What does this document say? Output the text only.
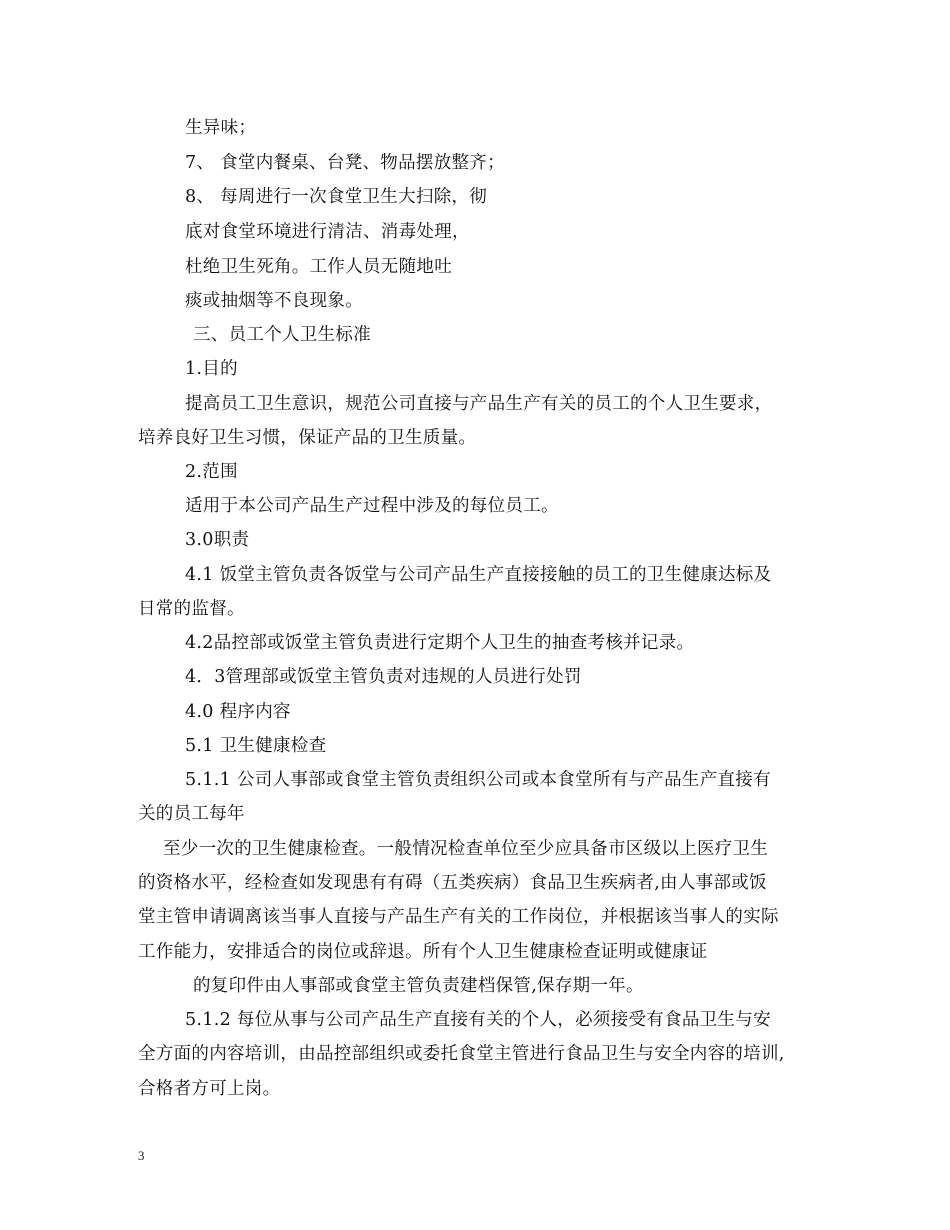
生异味；
7、 食堂内餐桌、台凳、物品摆放整齐；
8、 每周进行一次食堂卫生大扫除，彻
底对食堂环境进行清洁、消毒处理，
杜绝卫生死角。工作人员无随地吐
痰或抽烟等不良现象。
三、员工个人卫生标准
1.目的
提高员工卫生意识，规范公司直接与产品生产有关的员工的个人卫生要求，
培养良好卫生习惯，保证产品的卫生质量。
2.范围
适用于本公司产品生产过程中涉及的每位员工。
3.0职责
4.1 饭堂主管负责各饭堂与公司产品生产直接接触的员工的卫生健康达标及
日常的监督。
4.2品控部或饭堂主管负责进行定期个人卫生的抽查考核并记录。
4．3管理部或饭堂主管负责对违规的人员进行处罚
4.0 程序内容
5.1 卫生健康检查
5.1.1 公司人事部或食堂主管负责组织公司或本食堂所有与产品生产直接有
关的员工每年
至少一次的卫生健康检查。一般情况检查单位至少应具备市区级以上医疗卫生
的资格水平，经检查如发现患有有碍（五类疾病）食品卫生疾病者,由人事部或饭
堂主管申请调离该当事人直接与产品生产有关的工作岗位，并根据该当事人的实际
工作能力，安排适合的岗位或辞退。所有个人卫生健康检查证明或健康证
的复印件由人事部或食堂主管负责建档保管,保存期一年。
5.1.2 每位从事与公司产品生产直接有关的个人，必须接受有食品卫生与安
全方面的内容培训，由品控部组织或委托食堂主管进行食品卫生与安全内容的培训,
合格者方可上岗。
3
